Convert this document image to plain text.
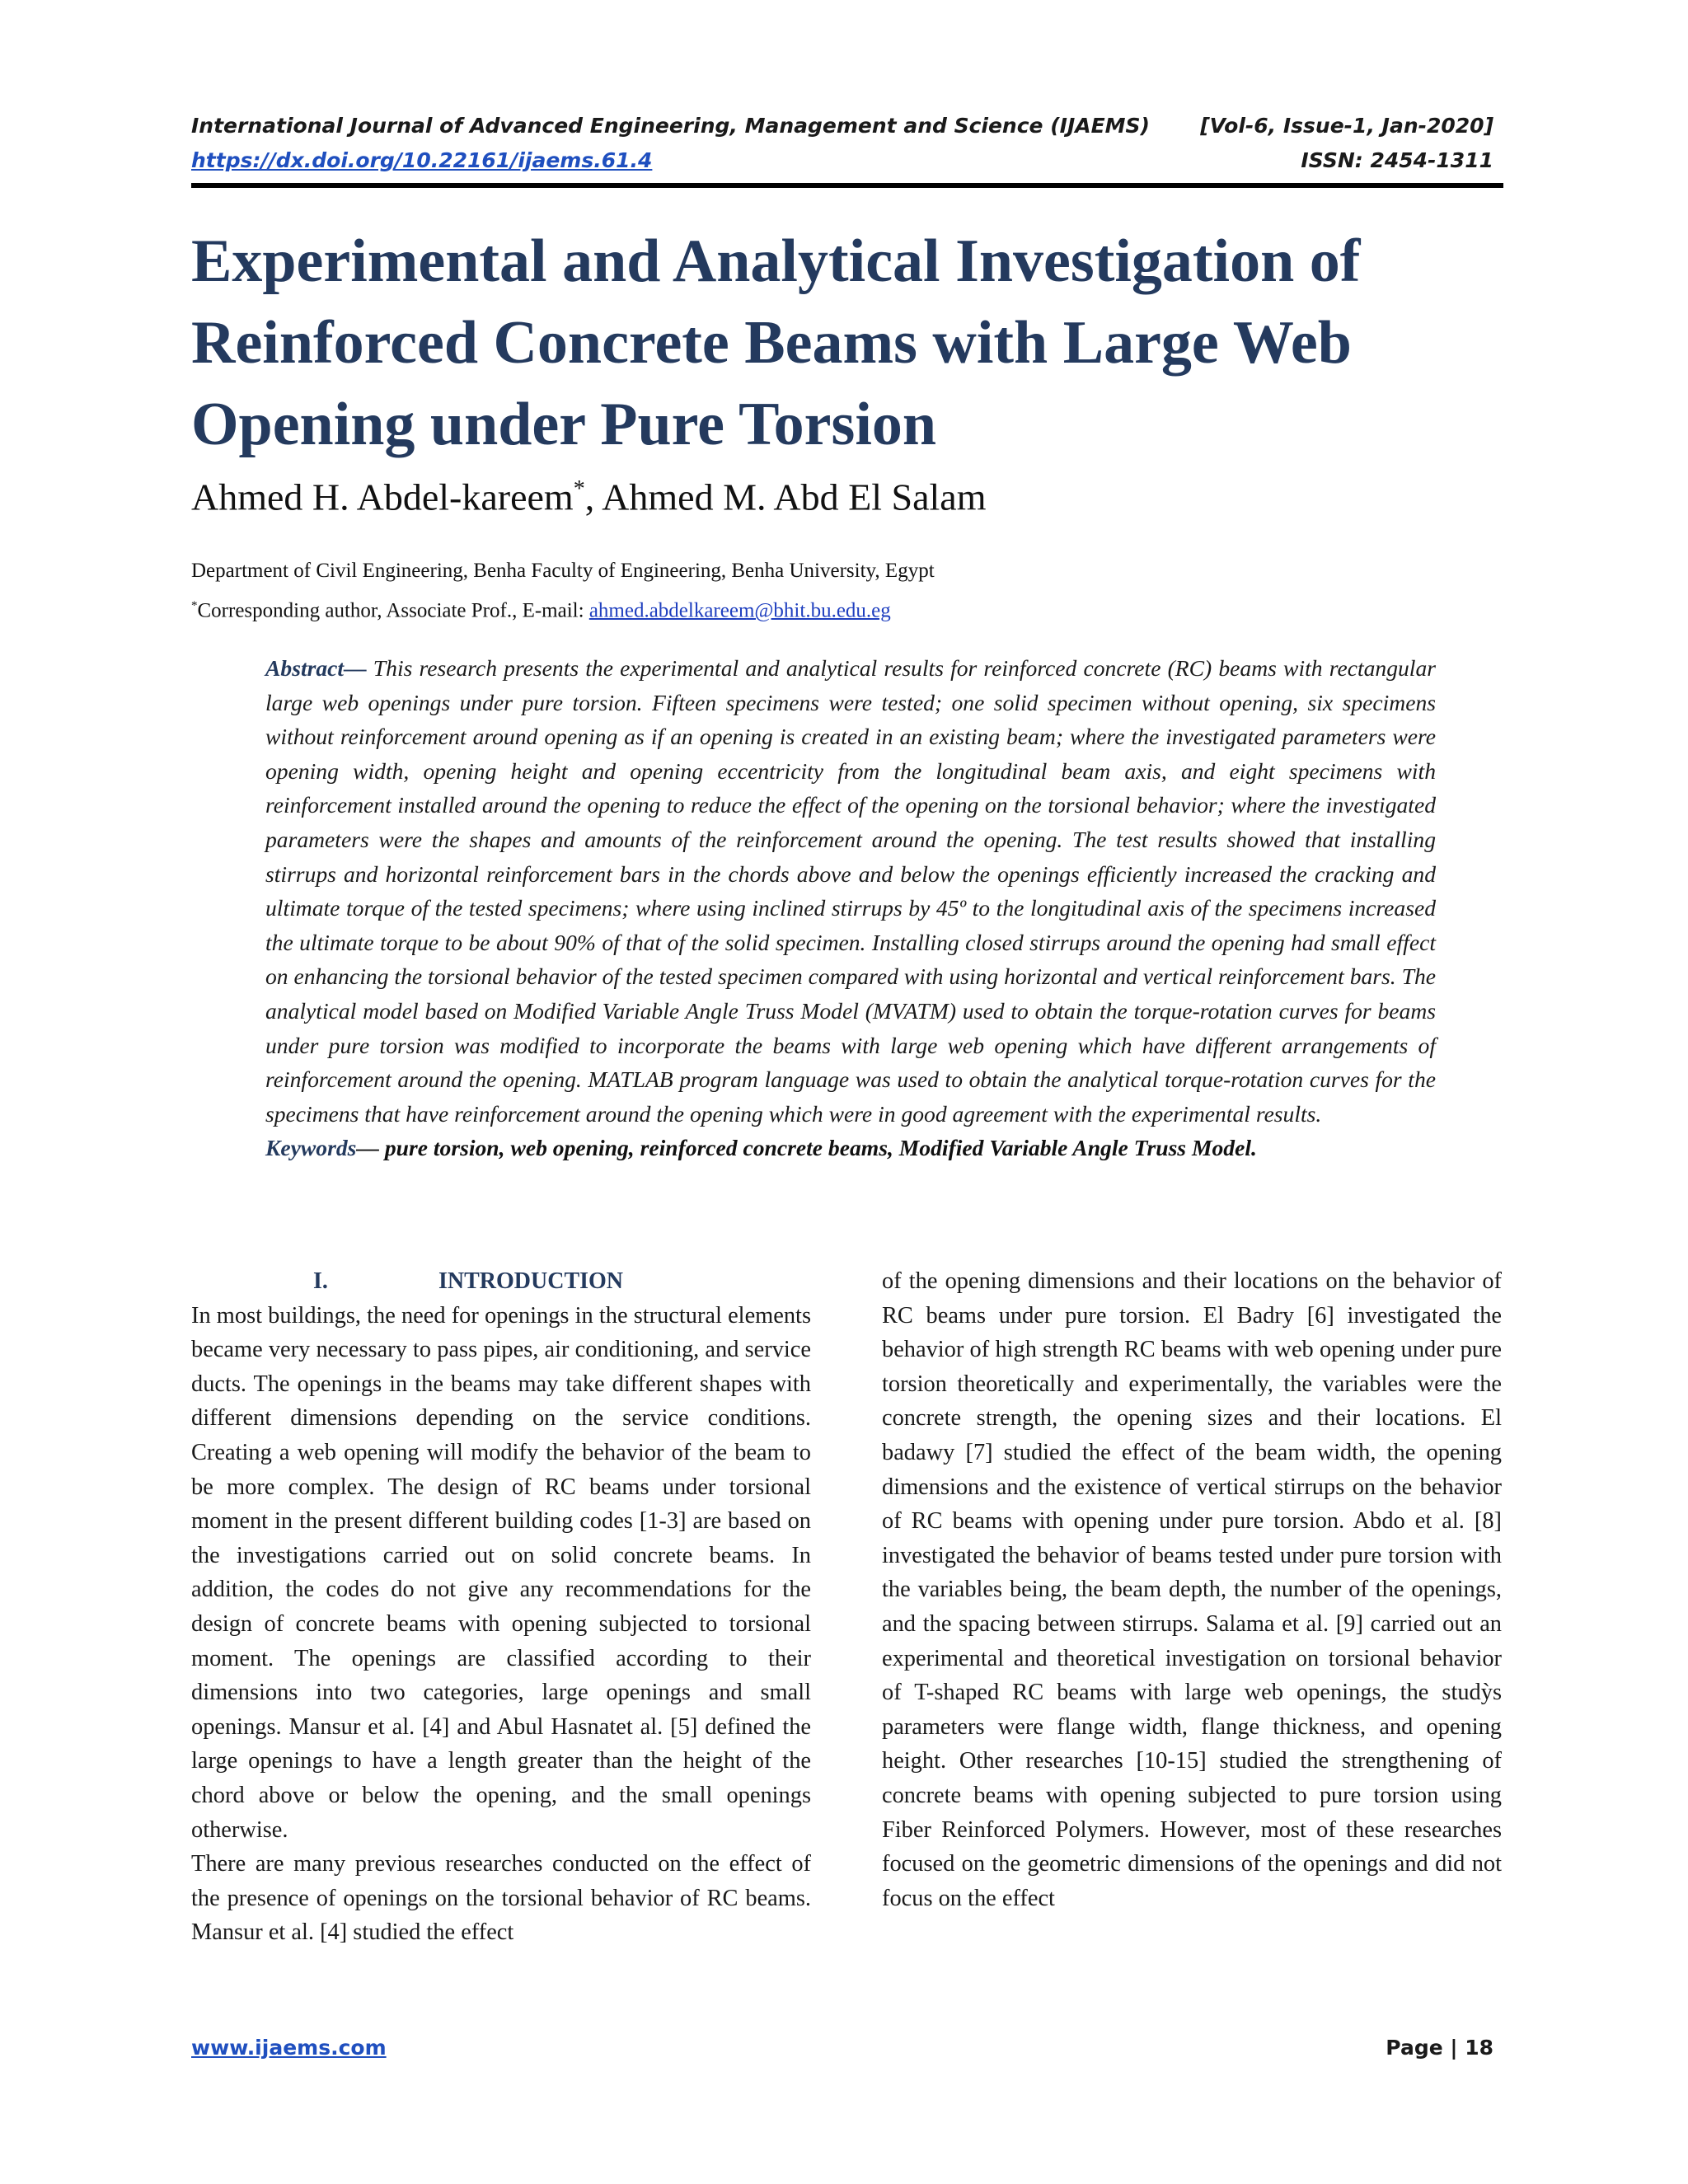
International Journal of Advanced Engineering, Management and Science (IJAEMS) [Vol-6, Issue-1, Jan-2020]
https://dx.doi.org/10.22161/ijaems.61.4	ISSN: 2454-1311
Experimental and Analytical Investigation of Reinforced Concrete Beams with Large Web Opening under Pure Torsion
Ahmed H. Abdel-kareem*, Ahmed M. Abd El Salam
Department of Civil Engineering, Benha Faculty of Engineering, Benha University, Egypt
*Corresponding author, Associate Prof., E-mail: ahmed.abdelkareem@bhit.bu.edu.eg
Abstract— This research presents the experimental and analytical results for reinforced concrete (RC) beams with rectangular large web openings under pure torsion. Fifteen specimens were tested; one solid specimen without opening, six specimens without reinforcement around opening as if an opening is created in an existing beam; where the investigated parameters were opening width, opening height and opening eccentricity from the longitudinal beam axis, and eight specimens with reinforcement installed around the opening to reduce the effect of the opening on the torsional behavior; where the investigated parameters were the shapes and amounts of the reinforcement around the opening. The test results showed that installing stirrups and horizontal reinforcement bars in the chords above and below the openings efficiently increased the cracking and ultimate torque of the tested specimens; where using inclined stirrups by 45º to the longitudinal axis of the specimens increased the ultimate torque to be about 90% of that of the solid specimen. Installing closed stirrups around the opening had small effect on enhancing the torsional behavior of the tested specimen compared with using horizontal and vertical reinforcement bars. The analytical model based on Modified Variable Angle Truss Model (MVATM) used to obtain the torque-rotation curves for beams under pure torsion was modified to incorporate the beams with large web opening which have different arrangements of reinforcement around the opening. MATLAB program language was used to obtain the analytical torque-rotation curves for the specimens that have reinforcement around the opening which were in good agreement with the experimental results.
Keywords— pure torsion, web opening, reinforced concrete beams, Modified Variable Angle Truss Model.
I.	INTRODUCTION

In most buildings, the need for openings in the structural elements became very necessary to pass pipes, air conditioning, and service ducts. The openings in the beams may take different shapes with different dimensions depending on the service conditions. Creating a web opening will modify the behavior of the beam to be more complex. The design of RC beams under torsional moment in the present different building codes [1-3] are based on the investigations carried out on solid concrete beams. In addition, the codes do not give any recommendations for the design of concrete beams with opening subjected to torsional moment. The openings are classified according to their dimensions into two categories, large openings and small openings. Mansur et al. [4] and Abul Hasnatet al. [5] defined the large openings to have a length greater than the height of the chord above or below the opening, and the small openings otherwise.

There are many previous researches conducted on the effect of the presence of openings on the torsional behavior of RC beams. Mansur et al. [4] studied the effect

of the opening dimensions and their locations on the behavior of RC beams under pure torsion. El Badry [6] investigated the behavior of high strength RC beams with web opening under pure torsion theoretically and experimentally, the variables were the concrete strength, the opening sizes and their locations. El badawy [7] studied the effect of the beam width, the opening dimensions and the existence of vertical stirrups on the behavior of RC beams with opening under pure torsion. Abdo et al. [8] investigated the behavior of beams tested under pure torsion with the variables being, the beam depth, the number of the openings, and the spacing between stirrups. Salama et al. [9] carried out an experimental and theoretical investigation on torsional behavior of T-shaped RC beams with large web openings, the studỳs parameters were flange width, flange thickness, and opening height. Other researches [10-15] studied the strengthening of concrete beams with opening subjected to pure torsion using Fiber Reinforced Polymers. However, most of these researches focused on the geometric dimensions of the openings and did not focus on the effect

www.ijaems.com	Page | 18
